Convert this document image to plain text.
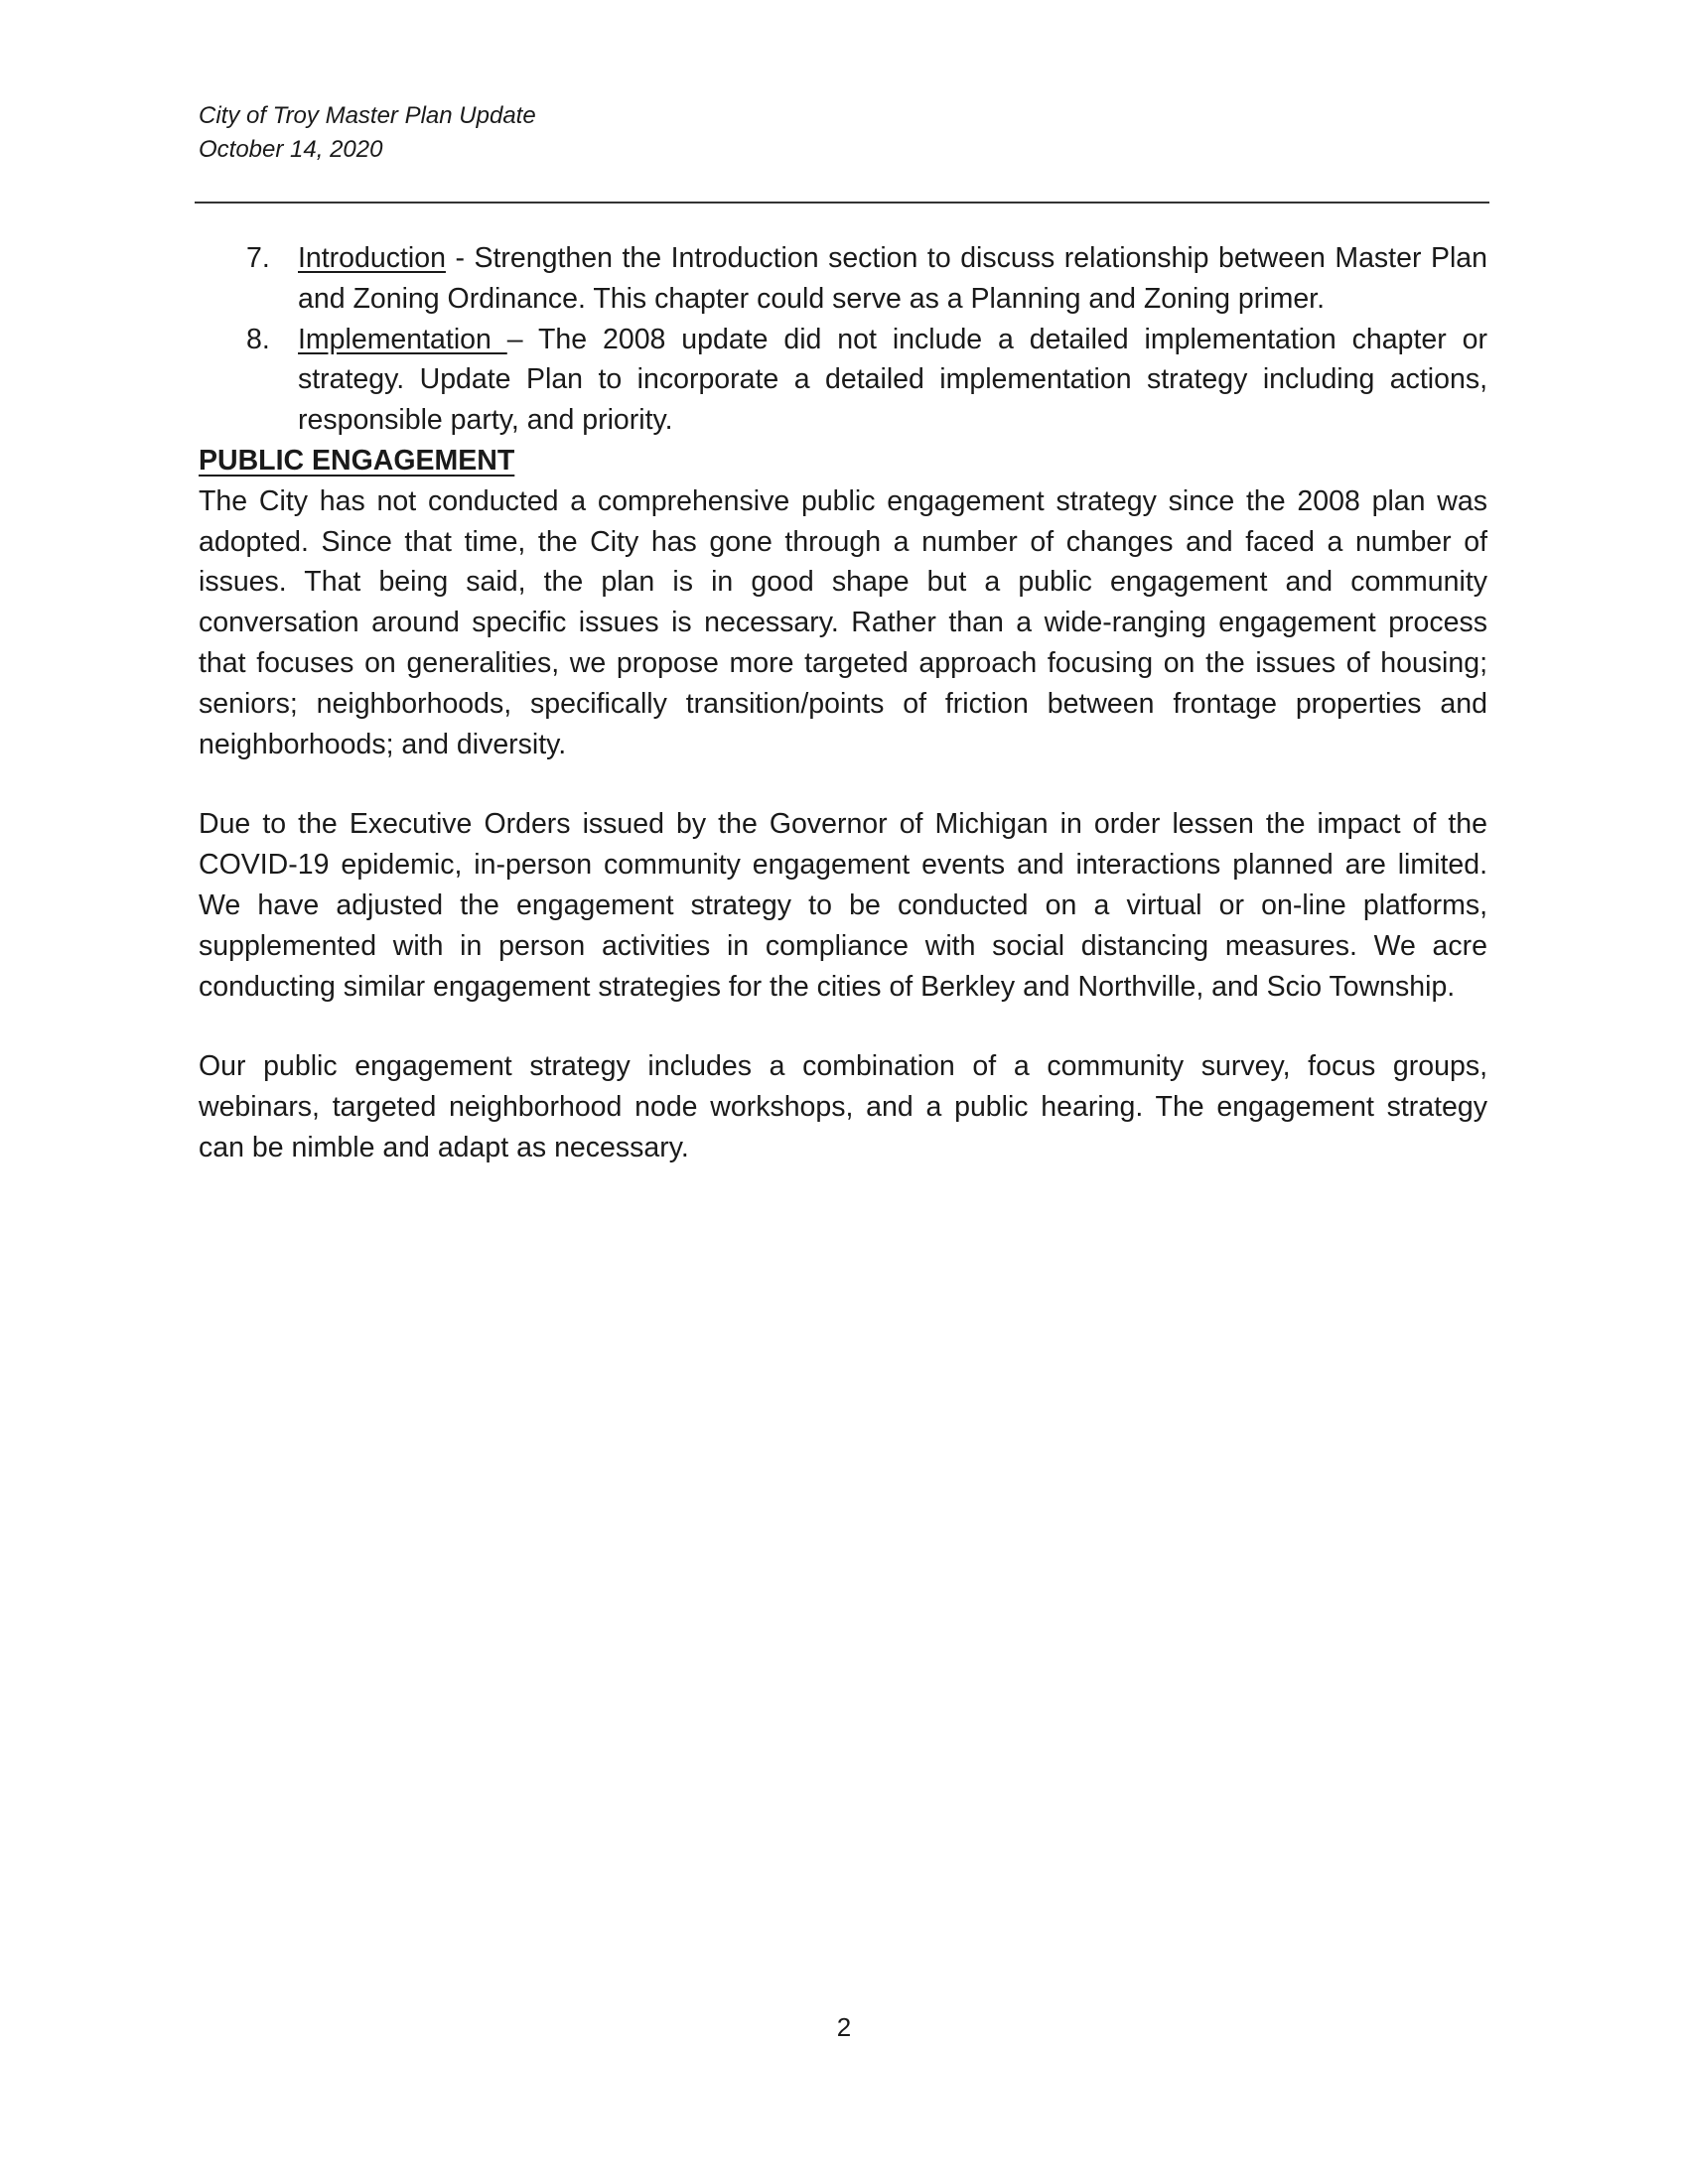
City of Troy Master Plan Update
October 14, 2020
7. Introduction - Strengthen the Introduction section to discuss relationship between Master Plan and Zoning Ordinance. This chapter could serve as a Planning and Zoning primer.
8. Implementation – The 2008 update did not include a detailed implementation chapter or strategy. Update Plan to incorporate a detailed implementation strategy including actions, responsible party, and priority.

PUBLIC ENGAGEMENT

The City has not conducted a comprehensive public engagement strategy since the 2008 plan was adopted. Since that time, the City has gone through a number of changes and faced a number of issues. That being said, the plan is in good shape but a public engagement and community conversation around specific issues is necessary. Rather than a wide-ranging engagement process that focuses on generalities, we propose more targeted approach focusing on the issues of housing; seniors; neighborhoods, specifically transition/points of friction between frontage properties and neighborhoods; and diversity.

Due to the Executive Orders issued by the Governor of Michigan in order lessen the impact of the COVID-19 epidemic, in-person community engagement events and interactions planned are limited. We have adjusted the engagement strategy to be conducted on a virtual or on-line platforms, supplemented with in person activities in compliance with social distancing measures. We acre conducting similar engagement strategies for the cities of Berkley and Northville, and Scio Township.

Our public engagement strategy includes a combination of a community survey, focus groups, webinars, targeted neighborhood node workshops, and a public hearing. The engagement strategy can be nimble and adapt as necessary.

2
